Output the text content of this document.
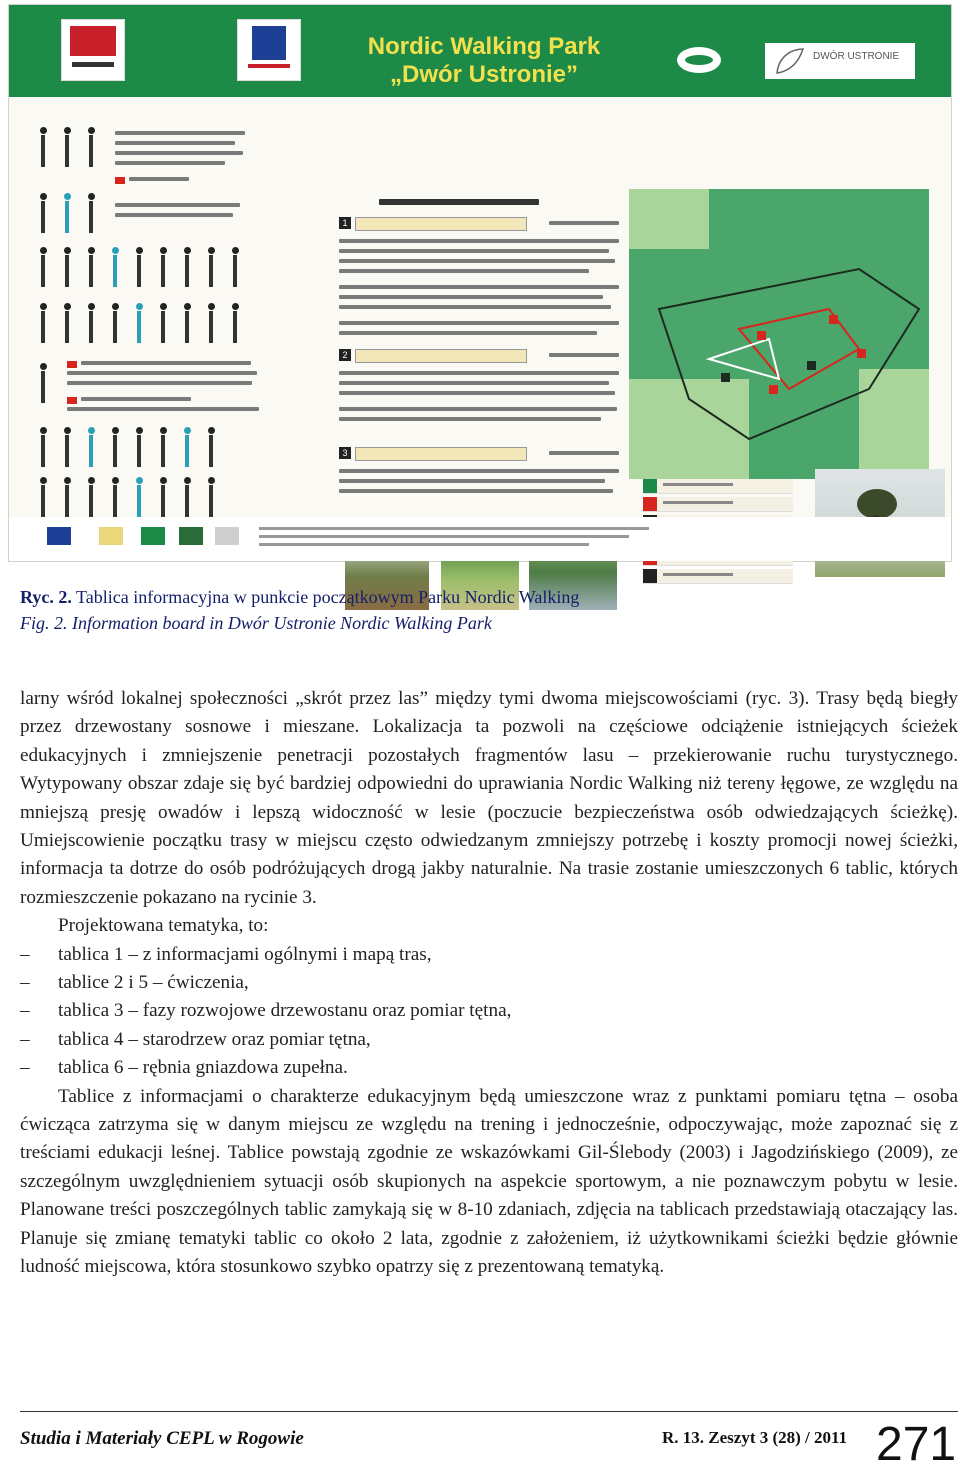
Nordic Walking Park
„Dwór Ustronie”
DWÓR USTRONIE
1
2
3
Ryc. 2. Tablica informacyjna w punkcie początkowym Parku Nordic Walking
Fig. 2. Information board in Dwór Ustronie Nordic Walking Park

larny wśród lokalnej społeczności „skrót przez las” między tymi dwoma miejscowościami (ryc. 3). Trasy będą biegły przez drzewostany sosnowe i mieszane. Lokalizacja ta pozwoli na częściowe odciążenie istniejących ścieżek edukacyjnych i zmniejszenie penetracji pozostałych fragmentów lasu – przekierowanie ruchu turystycznego. Wytypowany obszar zdaje się być bardziej odpowiedni do uprawiania Nordic Walking niż tereny łęgowe, ze względu na mniejszą presję owadów i lepszą widoczność w lesie (poczucie bezpieczeństwa osób odwiedzających ścieżkę). Umiejscowienie początku trasy w miejscu często odwiedzanym zmniejszy potrzebę i koszty promocji nowej ścieżki, informacja ta dotrze do osób podróżujących drogą jakby naturalnie. Na trasie zostanie umieszczonych 6 tablic, których rozmieszczenie pokazano na rycinie 3.

Projektowana tematyka, to:

– tablica 1 – z informacjami ogólnymi i mapą tras,
– tablice 2 i 5 – ćwiczenia,
– tablica 3 – fazy rozwojowe drzewostanu oraz pomiar tętna,
– tablica 4 – starodrzew oraz pomiar tętna,
– tablica 6 – rębnia gniazdowa zupełna.

Tablice z informacjami o charakterze edukacyjnym będą umieszczone wraz z punktami pomiaru tętna – osoba ćwicząca zatrzyma się w danym miejscu ze względu na trening i jednocześnie, odpoczywając, może zapoznać się z treściami edukacji leśnej. Tablice powstają zgodnie ze wskazówkami Gil-Ślebody (2003) i Jagodzińskiego (2009), ze szczególnym uwzględnieniem sytuacji osób skupionych na aspekcie sportowym, a nie poznawczym pobytu w lesie. Planowane treści poszczególnych tablic zamykają się w 8-10 zdaniach, zdjęcia na tablicach przedstawiają otaczający las. Planuje się zmianę tematyki tablic co około 2 lata, zgodnie z założeniem, iż użytkownikami ścieżki będzie głównie ludność miejscowa, która stosunkowo szybko opatrzy się z prezentowaną tematyką.

Studia i Materiały CEPL w Rogowie	R. 13. Zeszyt 3 (28) / 2011 271
